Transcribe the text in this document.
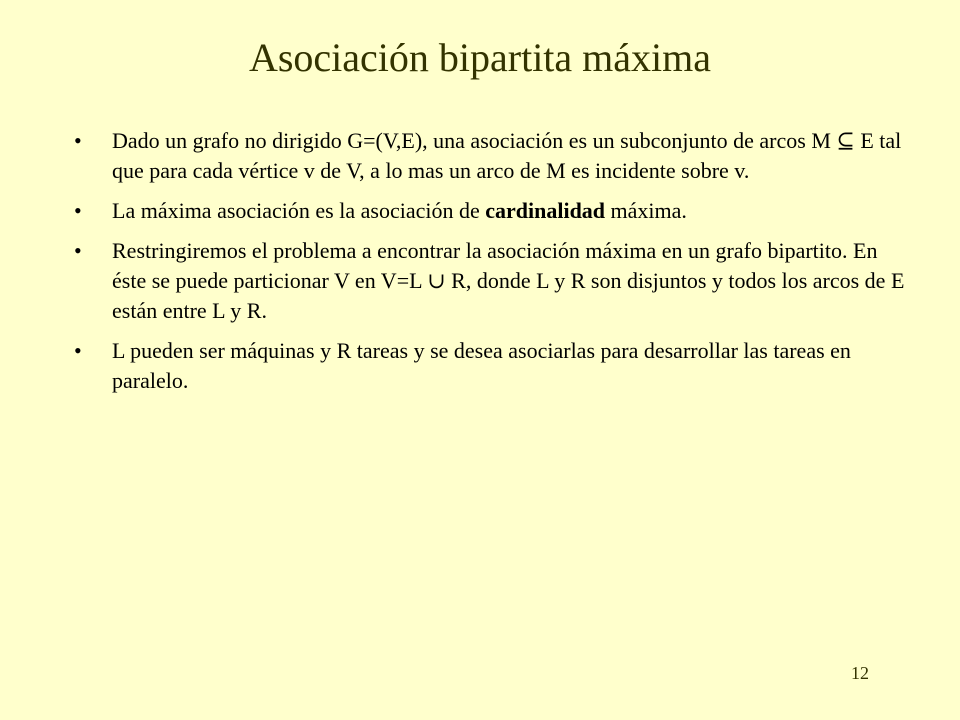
Asociación bipartita máxima
• Dado un grafo no dirigido G=(V,E), una asociación es un subconjunto de arcos M ⊆ E tal que para cada vértice v de V, a lo mas un arco de M es incidente sobre v.
• La máxima asociación es la asociación de cardinalidad máxima.
• Restringiremos el problema a encontrar la asociación máxima en un grafo bipartito. En éste se puede particionar V en V=L ∪ R, donde L y R son disjuntos y todos los arcos de E están entre L y R.
• L pueden ser máquinas y R tareas y se desea asociarlas para desarrollar las tareas en paralelo.
12
